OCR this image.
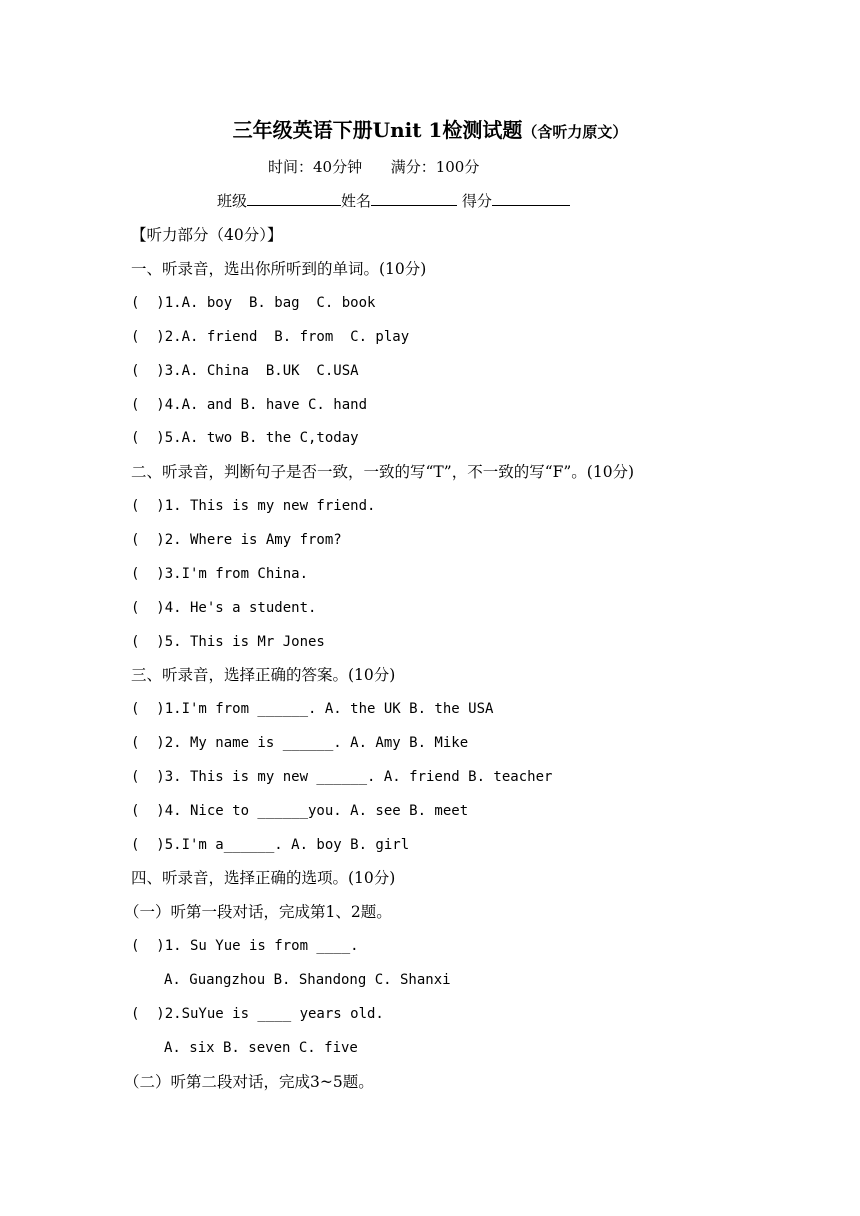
三年级英语下册Unit 1检测试题（含听力原文）
时间：40分钟      满分：100分
班级	姓名	得分
【听力部分（40分）】
一、听录音，选出你所听到的单词。(10分)
(  )1.A. boy  B. bag  C. book
(  )2.A. friend  B. from  C. play
(  )3.A. China  B.UK  C.USA
(  )4.A. and B. have C. hand
(  )5.A. two B. the C,today
二、听录音，判断句子是否一致，一致的写“T”，不一致的写“F”。(10分)
(  )1. This is my new friend.
(  )2. Where is Amy from?
(  )3.I'm from China.
(  )4. He's a student.
(  )5. This is Mr Jones
三、听录音，选择正确的答案。(10分)
(  )1.I'm from ______. A. the UK B. the USA
(  )2. My name is ______. A. Amy B. Mike
(  )3. This is my new ______. A. friend B. teacher
(  )4. Nice to ______you. A. see B. meet
(  )5.I'm a______. A. boy B. girl
四、听录音，选择正确的选项。(10分)
（一）听第一段对话，完成第1、2题。
(  )1. Su Yue is from ____.
A. Guangzhou B. Shandong C. Shanxi
(  )2.SuYue is ____ years old.
A. six B. seven C. five
（二）听第二段对话，完成3~5题。
